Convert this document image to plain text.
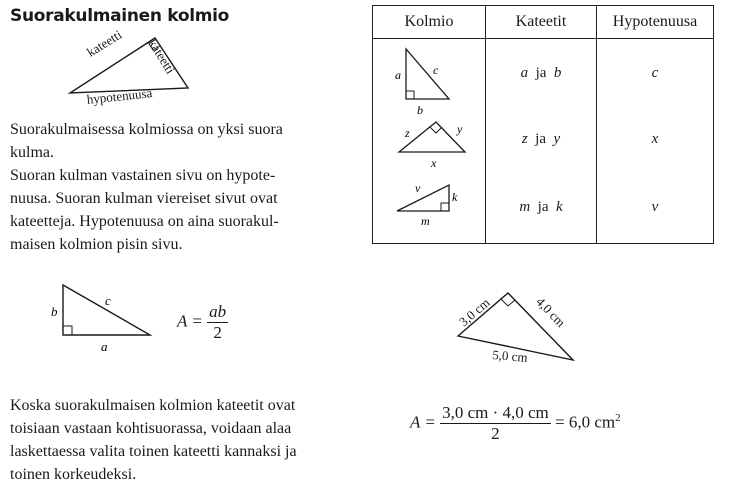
Suorakulmainen kolmio
kateetti kateetti
hypotenuusa
Suorakulmaisessa kolmiossa on yksi suora
kulma.
Suoran kulman vastainen sivu on hypote-
nuusa. Suoran kulman viereiset sivut ovat
kateetteja. Hypotenuusa on aina suorakul-
maisen kolmion pisin sivu.
Kolmio	Kateetit	Hypotenuusa

a c
b	a ja b	c

z y
x	z ja y	x

v
k
m	m ja k	v
b
c
a
$A = \frac{ab}{2}$	3,0 cm	4,0 cm
5,0 cm
Koska suorakulmaisen kolmion kateetit ovat
toisiaan vastaan kohtisuorassa, voidaan alaa
laskettaessa valita toinen kateetti kannaksi ja
toinen korkeudeksi.
$A = \frac{3,0 cm \cdot 4,0 cm}{2} = 6,0$ $cm^2$
